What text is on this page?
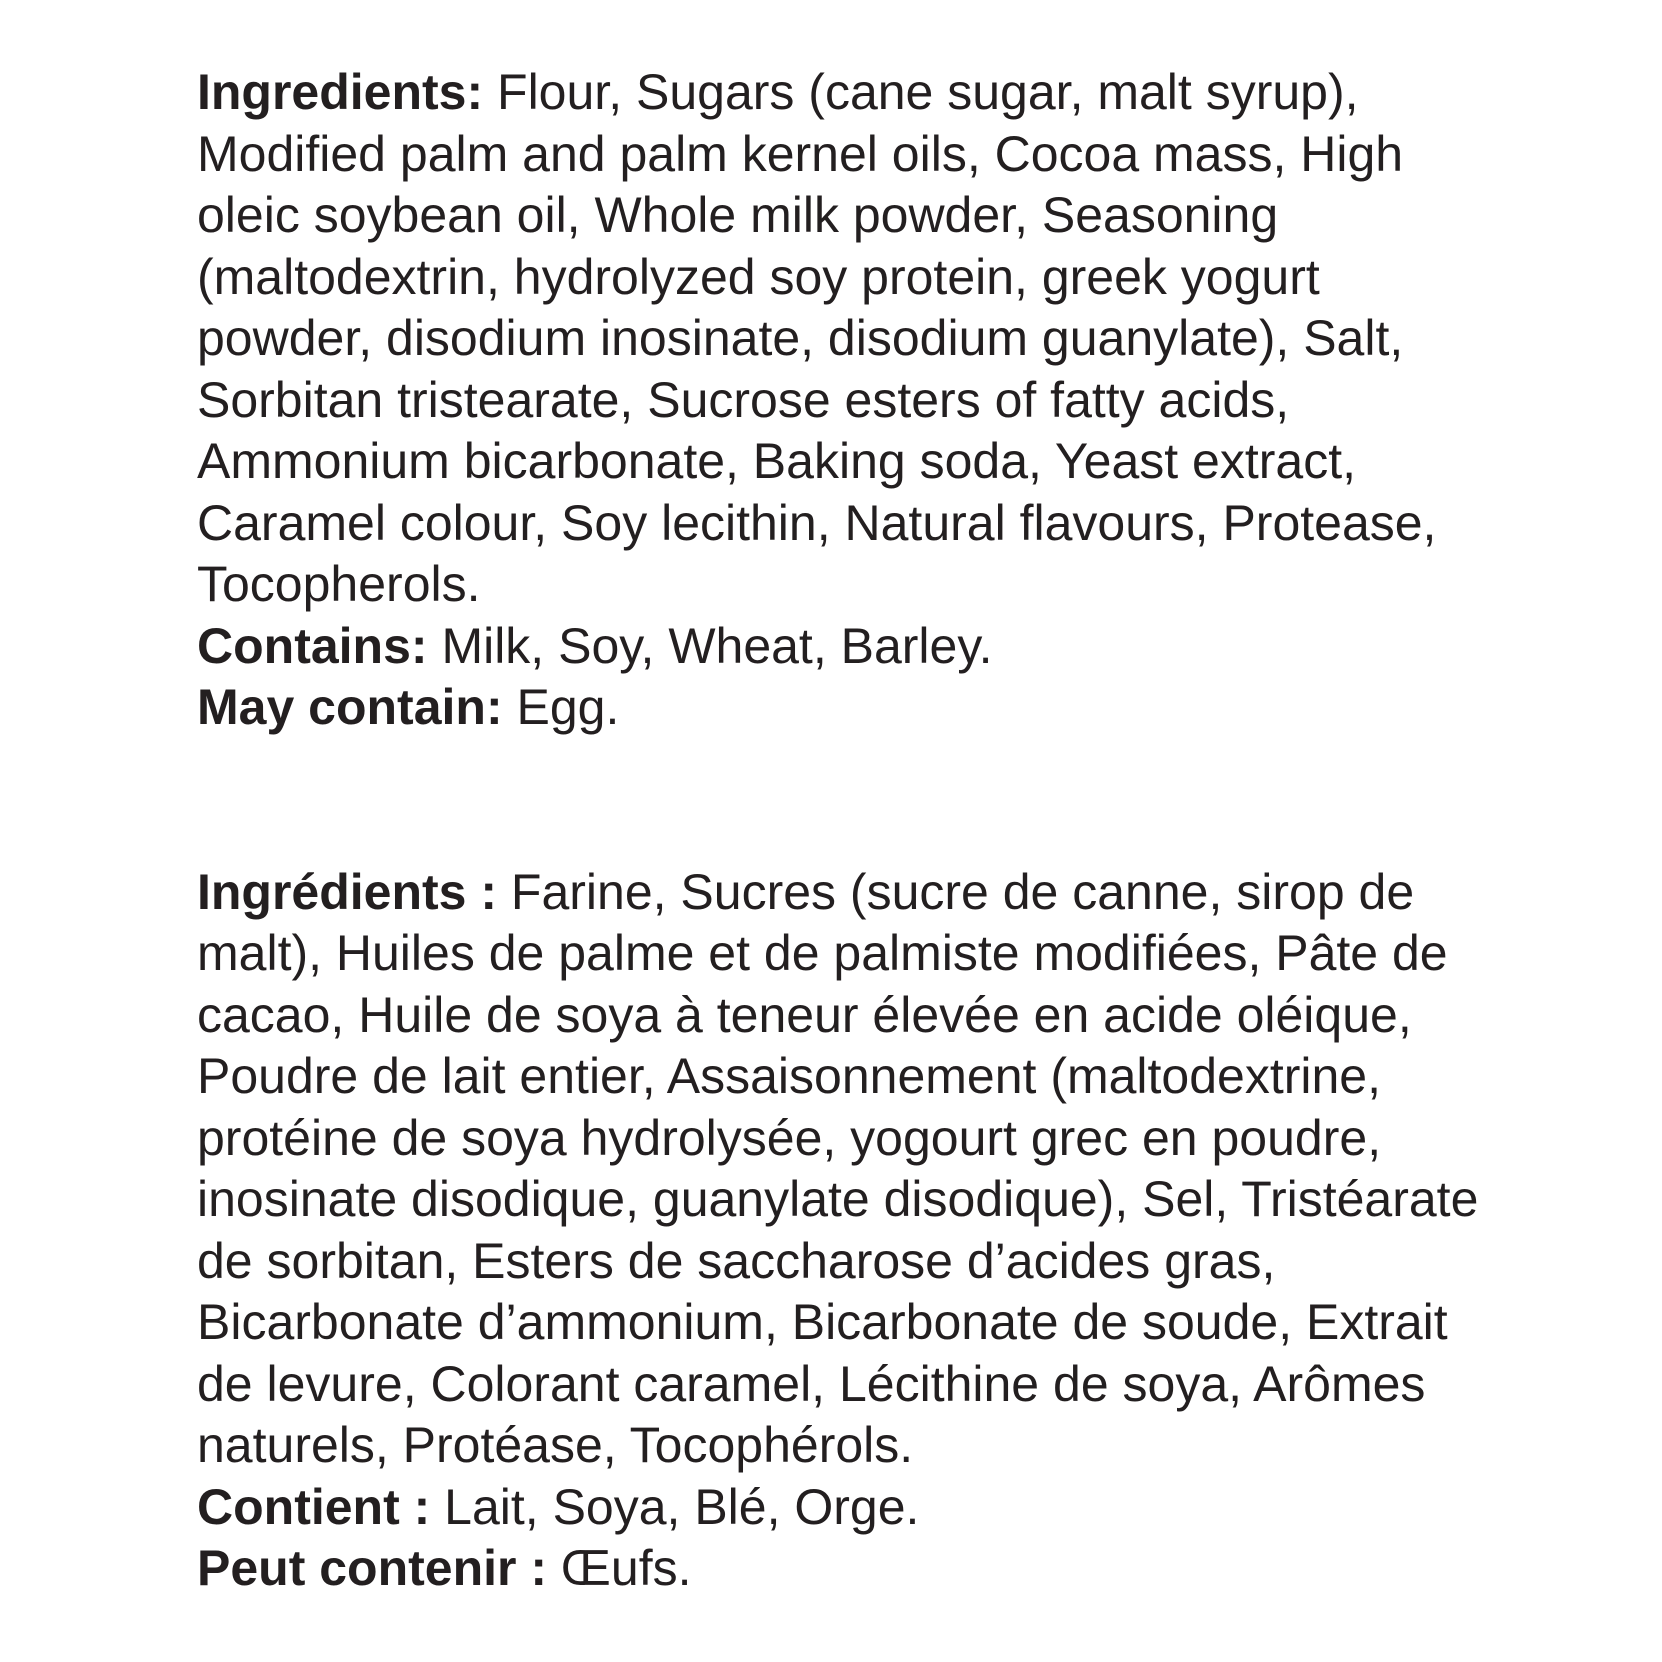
Ingredients: Flour, Sugars (cane sugar, malt syrup), Modified palm and palm kernel oils, Cocoa mass, High oleic soybean oil, Whole milk powder, Seasoning (maltodextrin, hydrolyzed soy protein, greek yogurt powder, disodium inosinate, disodium guanylate), Salt, Sorbitan tristearate, Sucrose esters of fatty acids, Ammonium bicarbonate, Baking soda, Yeast extract, Caramel colour, Soy lecithin, Natural flavours, Protease, Tocopherols.

Contains: Milk, Soy, Wheat, Barley.

May contain: Egg.

Ingrédients : Farine, Sucres (sucre de canne, sirop de malt), Huiles de palme et de palmiste modifiées, Pâte de cacao, Huile de soya à teneur élevée en acide oléique, Poudre de lait entier, Assaisonnement (maltodextrine, protéine de soya hydrolysée, yogourt grec en poudre, inosinate disodique, guanylate disodique), Sel, Tristéarate de sorbitan, Esters de saccharose d’acides gras, Bicarbonate d’ammonium, Bicarbonate de soude, Extrait de levure, Colorant caramel, Lécithine de soya, Arômes naturels, Protéase, Tocophérols.

Contient : Lait, Soya, Blé, Orge.

Peut contenir : Œufs.
